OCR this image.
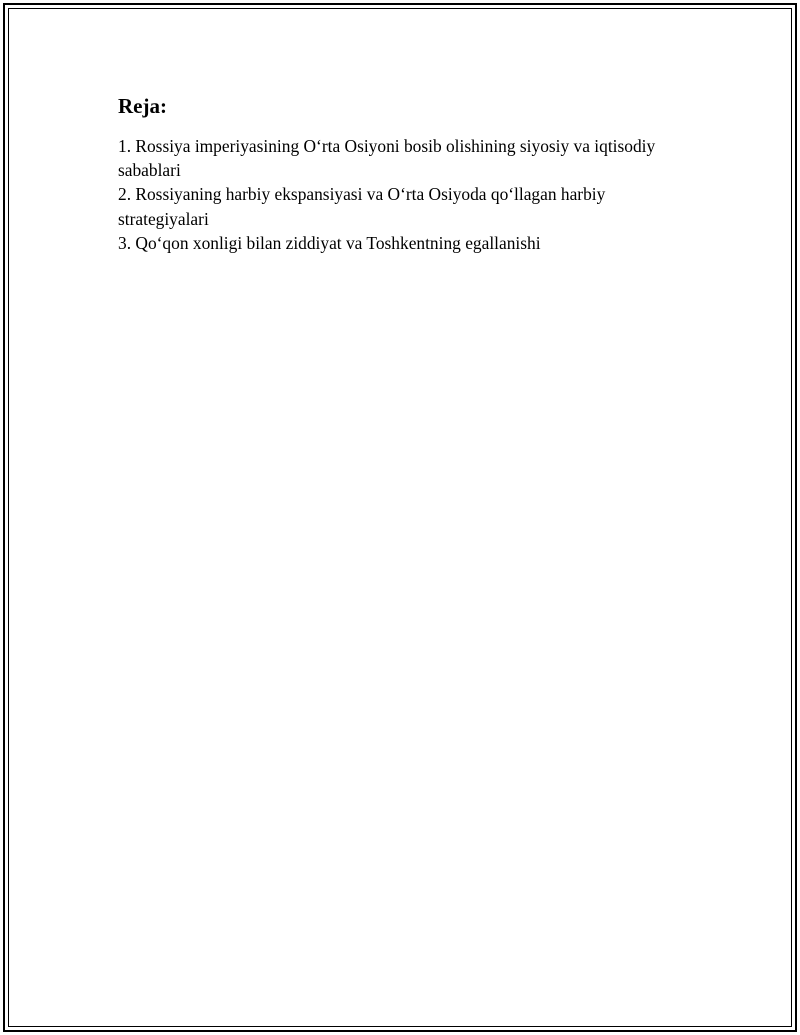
Reja:
1. Rossiya imperiyasining O‘rta Osiyoni bosib olishining siyosiy va iqtisodiy sabablari
2. Rossiyaning harbiy ekspansiyasi va O‘rta Osiyoda qo‘llagan harbiy strategiyalari
3. Qo‘qon xonligi bilan ziddiyat va Toshkentning egallanishi
